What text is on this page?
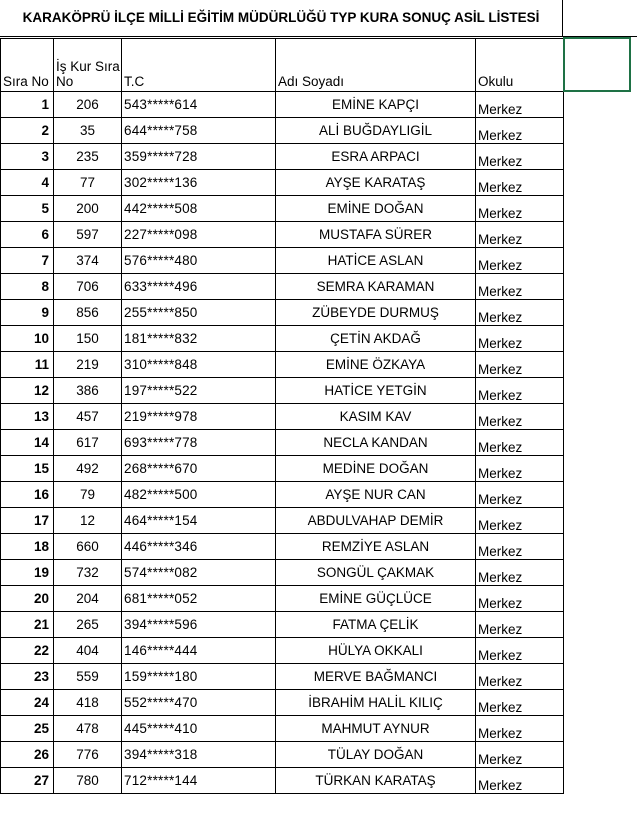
KARAKÖPRÜ İLÇE MİLLİ EĞİTİM MÜDÜRLÜĞÜ TYP KURA SONUÇ ASİL LİSTESİ
Sıra No	İş Kur Sıra No	T.C	Adı Soyadı	Okulu	
1	206	543*****614	EMİNE KAPÇI	Merkez	
2	35	644*****758	ALİ BUĞDAYLIGİL	Merkez	
3	235	359*****728	ESRA ARPACI	Merkez	
4	77	302*****136	AYŞE KARATAŞ	Merkez	
5	200	442*****508	EMİNE DOĞAN	Merkez	
6	597	227*****098	MUSTAFA SÜRER	Merkez	
7	374	576*****480	HATİCE ASLAN	Merkez	
8	706	633*****496	SEMRA KARAMAN	Merkez	
9	856	255*****850	ZÜBEYDE DURMUŞ	Merkez	
10	150	181*****832	ÇETİN AKDAĞ	Merkez	
11	219	310*****848	EMİNE ÖZKAYA	Merkez	
12	386	197*****522	HATİCE YETGİN	Merkez	
13	457	219*****978	KASIM KAV	Merkez	
14	617	693*****778	NECLA KANDAN	Merkez	
15	492	268*****670	MEDİNE DOĞAN	Merkez	
16	79	482*****500	AYŞE NUR CAN	Merkez	
17	12	464*****154	ABDULVAHAP DEMİR	Merkez	
18	660	446*****346	REMZİYE ASLAN	Merkez	
19	732	574*****082	SONGÜL ÇAKMAK	Merkez	
20	204	681*****052	EMİNE GÜÇLÜCE	Merkez	
21	265	394*****596	FATMA ÇELİK	Merkez	
22	404	146*****444	HÜLYA OKKALI	Merkez	
23	559	159*****180	MERVE BAĞMANCI	Merkez	
24	418	552*****470	İBRAHİM HALİL KILIÇ	Merkez	
25	478	445*****410	MAHMUT AYNUR	Merkez	
26	776	394*****318	TÜLAY DOĞAN	Merkez	
27	780	712*****144	TÜRKAN KARATAŞ	Merkez	
